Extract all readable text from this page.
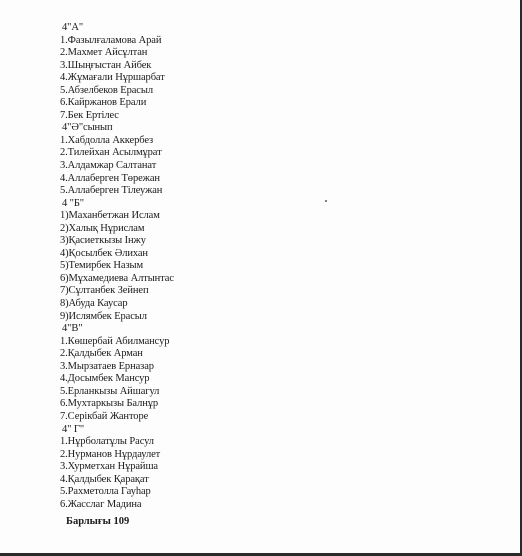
4"А"
1.Фазылғаламова Арай
2.Махмет Айсұлтан
3.Шыңғыстан Айбек
4.Жұмағали Нұршарбат
5.Абзелбеков Ерасыл
6.Кайржанов Ерали
7.Бек Ертілес
4"Ә"сынып
1.Хабдолла Аккербез
2.Тилейхан Асылмұрат
3.Алдамжар Салтанат
4.Аллаберген Төрежан
5.Аллаберген Тілеужан
4 "Б"
1)Маханбетжан Ислам
2)Халық Нұрислам
3)Қасиеткызы Інжу
4)Қосылбек Әлихан
5)Темирбек Назым
6)Мұхамедиева Алтынтас
7)Сұлтанбек Зейнеп
8)Абуда Каусар
9)Ислямбек Ерасыл
4"В"
1.Көшербай Абилмансур
2.Қалдыбек Арман
3.Мырзатаев Ерназар
4.Досымбек Мансур
5.Ерланкызы Айшагул
6.Мухтаркызы Балнұр
7.Серікбай Жанторе
4" Г"
1.Нұрболатұлы Расул
2.Нурманов Нұрдаулет
3.Хурметхан Нұрайша
4.Қалдыбек Қарақат
5.Рахметолла Гауһар
6.Жасслаг Мадина
Барлығы 109
